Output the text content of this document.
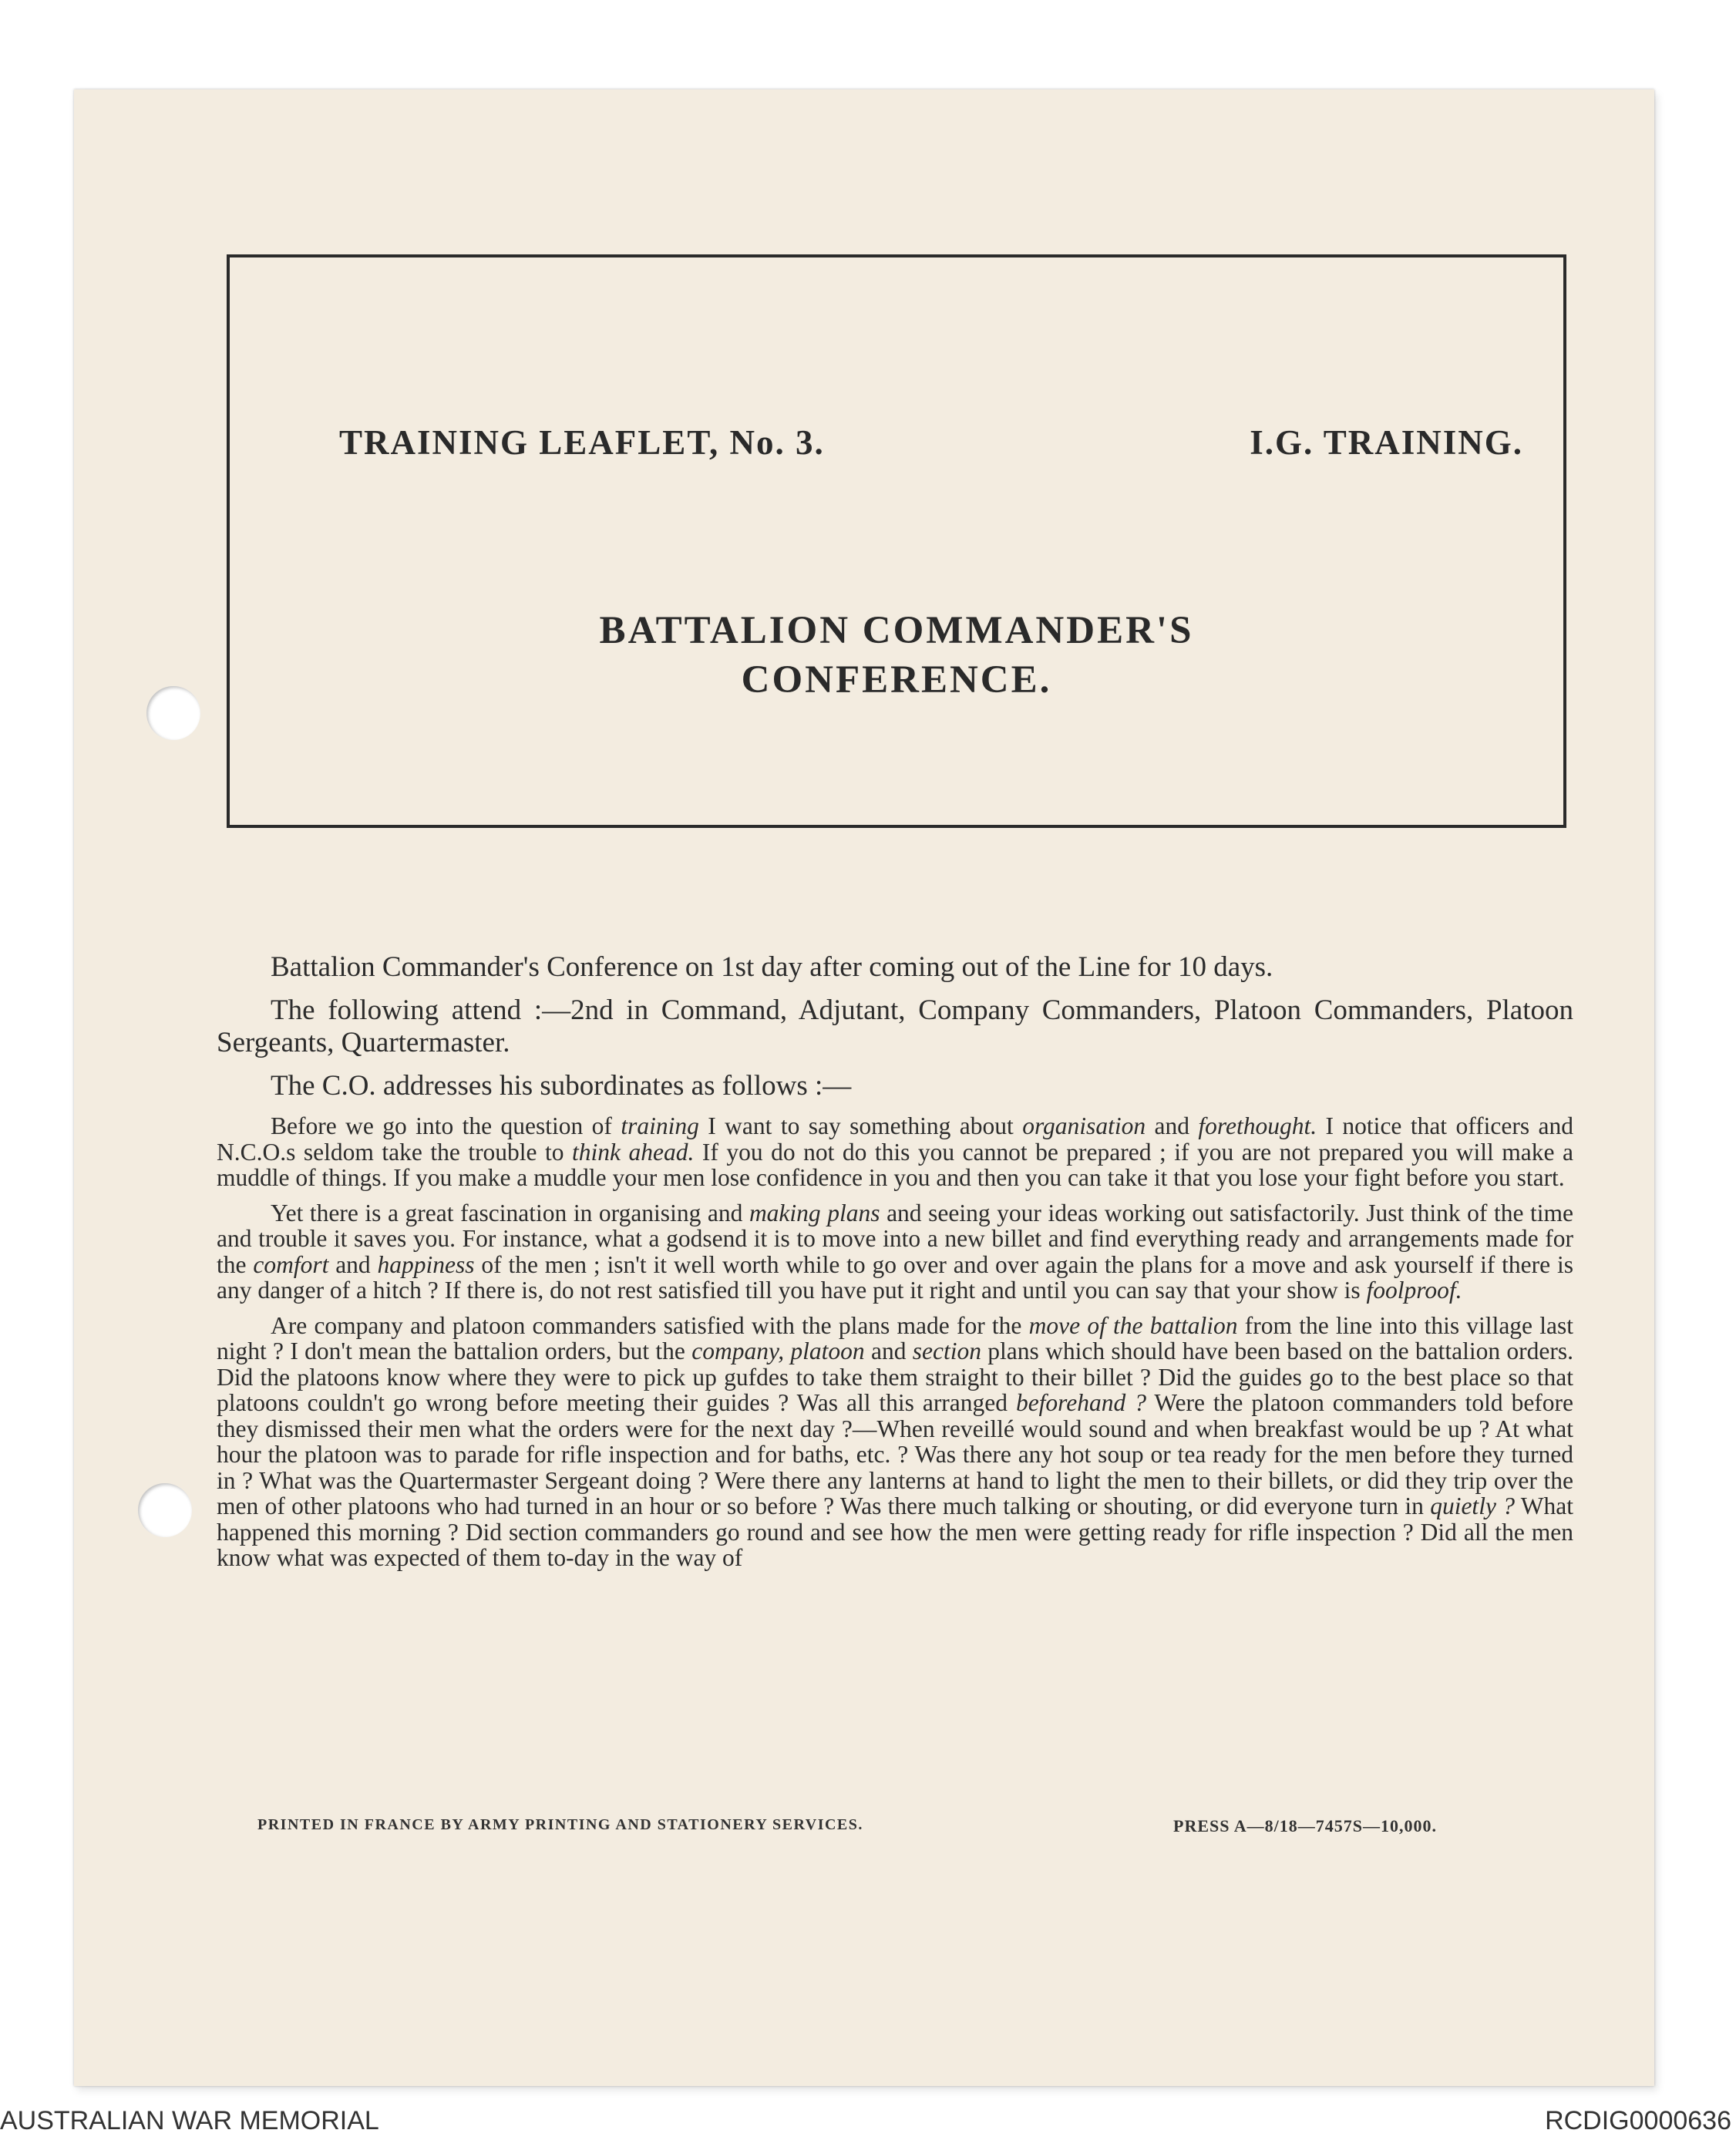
TRAINING LEAFLET, No. 3.	I.G. TRAINING.
BATTALION COMMANDER'S
CONFERENCE.

Battalion Commander's Conference on 1st day after coming out of the Line for 10 days.

The following attend :—2nd in Command, Adjutant, Company Commanders, Platoon Commanders, Platoon Sergeants, Quartermaster.

The C.O. addresses his subordinates as follows :—

Before we go into the question of training I want to say something about organisation and forethought. I notice that officers and N.C.O.s seldom take the trouble to think ahead. If you do not do this you cannot be prepared ; if you are not prepared you will make a muddle of things. If you make a muddle your men lose confidence in you and then you can take it that you lose your fight before you start.

Yet there is a great fascination in organising and making plans and seeing your ideas working out satisfactorily. Just think of the time and trouble it saves you. For instance, what a godsend it is to move into a new billet and find everything ready and arrangements made for the comfort and happiness of the men ; isn't it well worth while to go over and over again the plans for a move and ask yourself if there is any danger of a hitch ? If there is, do not rest satisfied till you have put it right and until you can say that your show is foolproof.

Are company and platoon commanders satisfied with the plans made for the move of the battalion from the line into this village last night ? I don't mean the battalion orders, but the company, platoon and section plans which should have been based on the battalion orders. Did the platoons know where they were to pick up gufdes to take them straight to their billet ? Did the guides go to the best place so that platoons couldn't go wrong before meeting their guides ? Was all this arranged beforehand ? Were the platoon commanders told before they dismissed their men what the orders were for the next day ?—When reveillé would sound and when breakfast would be up ? At what hour the platoon was to parade for rifle inspection and for baths, etc. ? Was there any hot soup or tea ready for the men before they turned in ? What was the Quartermaster Sergeant doing ? Were there any lanterns at hand to light the men to their billets, or did they trip over the men of other platoons who had turned in an hour or so before ? Was there much talking or shouting, or did everyone turn in quietly ? What happened this morning ? Did section commanders go round and see how the men were getting ready for rifle inspection ? Did all the men know what was expected of them to-day in the way of

PRINTED IN FRANCE BY ARMY PRINTING AND STATIONERY SERVICES.	PRESS A—8/18—7457S—10,000.
AUSTRALIAN WAR MEMORIAL	RCDIG0000636
